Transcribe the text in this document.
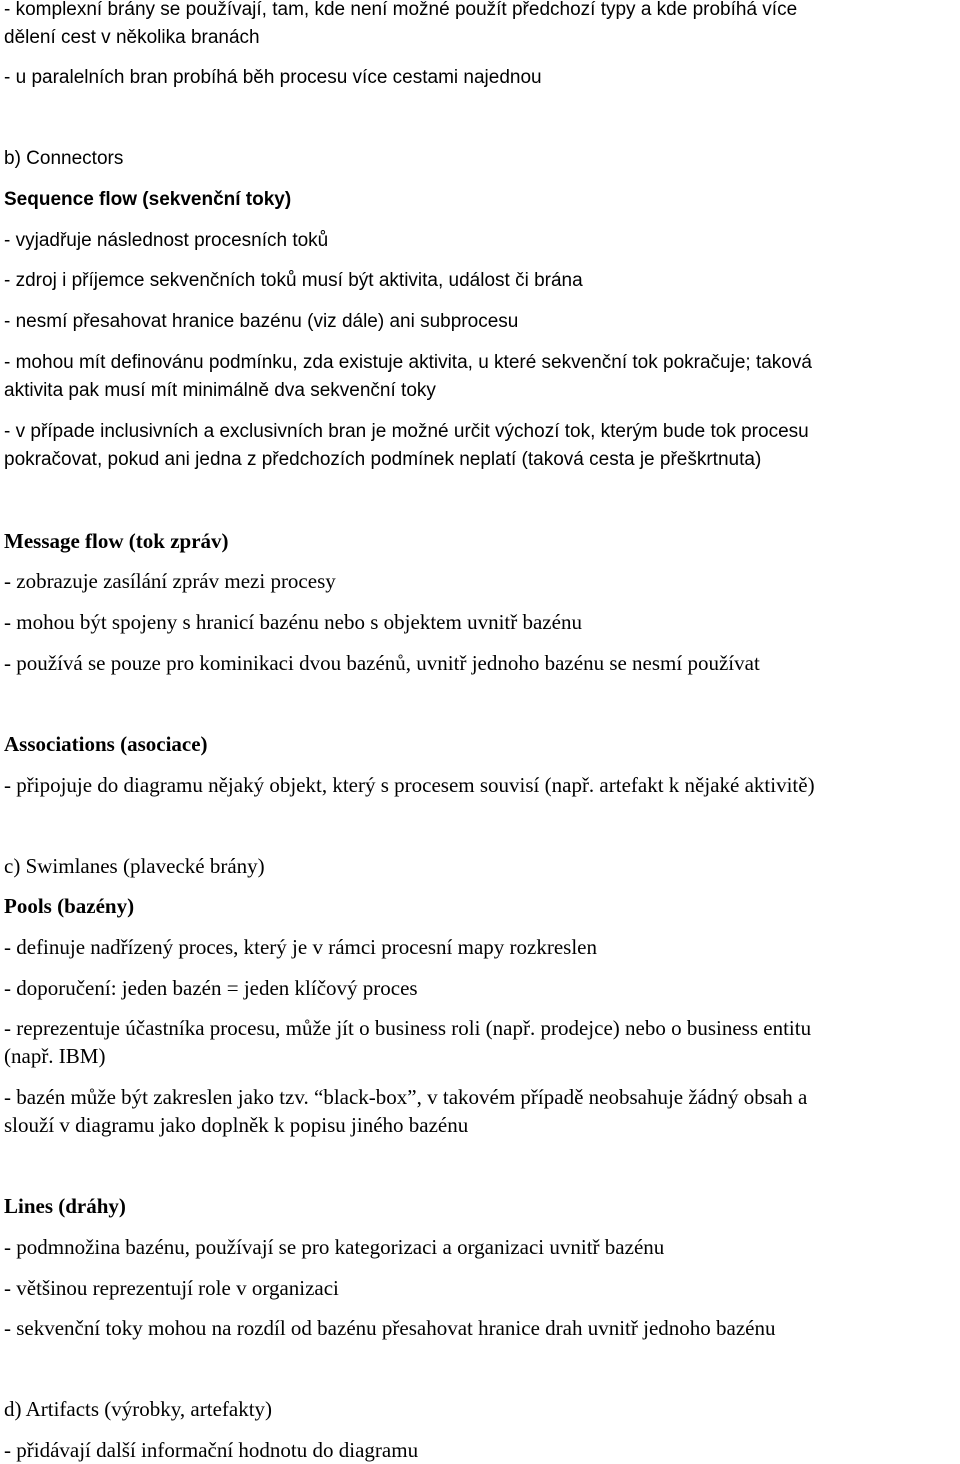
- komplexní brány se používají, tam, kde není možné použít předchozí typy a kde probíhá více
dělení cest v několika branách
- u paralelních bran probíhá běh procesu více cestami najednou
b) Connectors
Sequence flow (sekvenční toky)
- vyjadřuje následnost procesních toků
- zdroj i příjemce sekvenčních toků musí být aktivita, událost či brána
- nesmí přesahovat hranice bazénu (viz dále) ani subprocesu
- mohou mít definovánu podmínku, zda existuje aktivita, u které sekvenční tok pokračuje; taková
aktivita pak musí mít minimálně dva sekvenční toky
- v případe inclusivních a exclusivních bran je možné určit výchozí tok, kterým bude tok procesu
pokračovat, pokud ani jedna z předchozích podmínek neplatí (taková cesta je přeškrtnuta)
Message flow (tok zpráv)
- zobrazuje zasílání zpráv mezi procesy
- mohou být spojeny s hranicí bazénu nebo s objektem uvnitř bazénu
- používá se pouze pro kominikaci dvou bazénů, uvnitř jednoho bazénu se nesmí používat
Associations (asociace)
- připojuje do diagramu nějaký objekt, který s procesem souvisí (např. artefakt k nějaké aktivitě)
c) Swimlanes (plavecké brány)
Pools (bazény)
- definuje nadřízený proces, který je v rámci procesní mapy rozkreslen
- doporučení: jeden bazén = jeden klíčový proces
- reprezentuje účastníka procesu, může jít o business roli (např. prodejce) nebo o business entitu
(např. IBM)
- bazén může být zakreslen jako tzv. “black-box”, v takovém případě neobsahuje žádný obsah a
slouží v diagramu jako doplněk k popisu jiného bazénu
Lines (dráhy)
- podmnožina bazénu, používají se pro kategorizaci a organizaci uvnitř bazénu
- většinou reprezentují role v organizaci
- sekvenční toky mohou na rozdíl od bazénu přesahovat hranice drah uvnitř jednoho bazénu
d) Artifacts (výrobky, artefakty)
- přidávají další informační hodnotu do diagramu
